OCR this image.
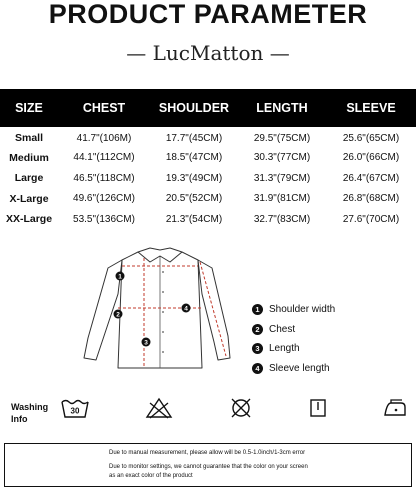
PRODUCT PARAMETER
— LucMatton —
SIZE	CHEST	SHOULDER	LENGTH	SLEEVE
Small	41.7"(106M)	17.7"(45CM)	29.5"(75CM)	25.6"(65CM)
Medium	44.1"(112CM)	18.5"(47CM)	30.3"(77CM)	26.0"(66CM)
Large	46.5"(118CM)	19.3"(49CM)	31.3"(79CM)	26.4"(67CM)
X-Large	49.6"(126CM)	20.5"(52CM)	31.9"(81CM)	26.8"(68CM)
XX-Large	53.5"(136CM)	21.3"(54CM)	32.7"(83CM)	27.6"(70CM)
1
2
3
4	1 Shoulder width
2 Chest
3 Length
4 Sleeve length
Washing
Info
30
Due to manual measurement, please allow will be 0.5-1.0inch/1-3cm error
Due to monitor settings, we cannot guarantee that the color on your screen
as an exact color of the product
